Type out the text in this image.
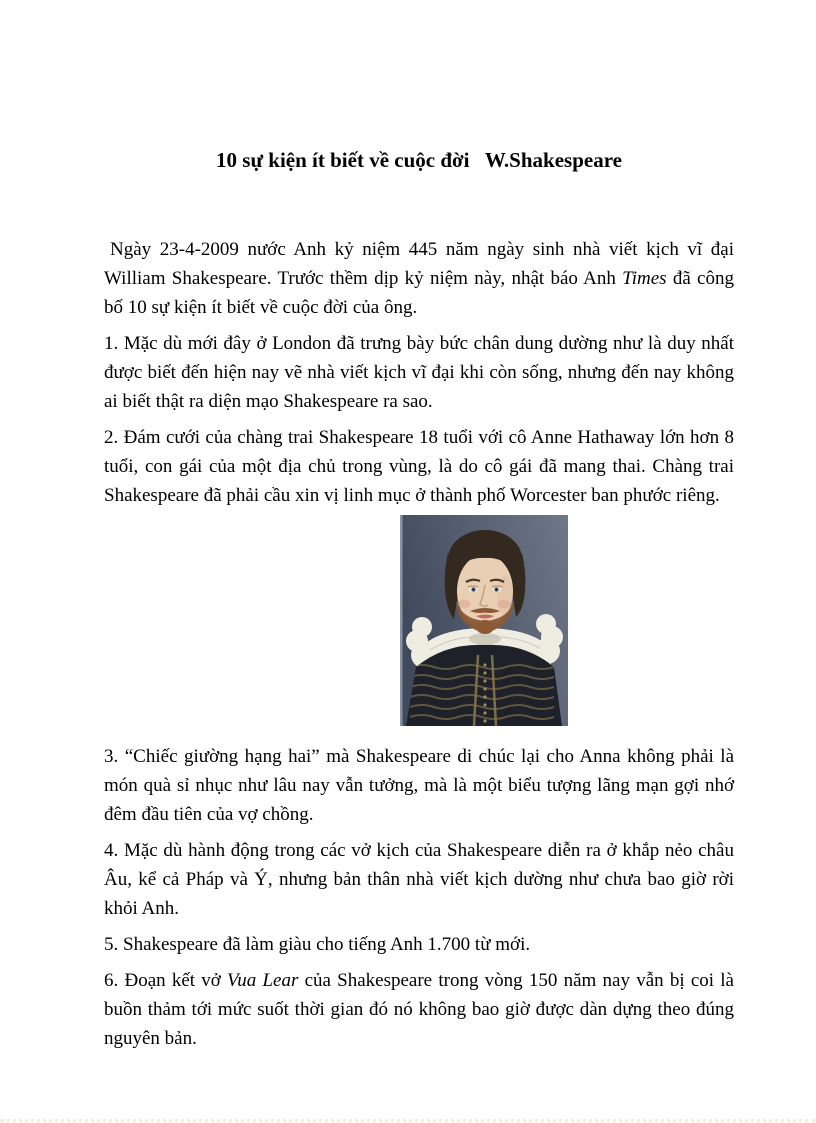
10 sự kiện ít biết về cuộc đời   W.Shakespeare

Ngày 23-4-2009 nước Anh kỷ niệm 445 năm ngày sinh nhà viết kịch vĩ đại William Shakespeare. Trước thềm dịp kỷ niệm này, nhật báo Anh Times đã công bố 10 sự kiện ít biết về cuộc đời của ông.

1. Mặc dù mới đây ở London đã trưng bày bức chân dung dường như là duy nhất được biết đến hiện nay vẽ nhà viết kịch vĩ đại khi còn sống, nhưng đến nay không ai biết thật ra diện mạo Shakespeare ra sao.

2. Đám cưới của chàng trai Shakespeare 18 tuổi với cô Anne Hathaway lớn hơn 8 tuổi, con gái của một địa chủ trong vùng, là do cô gái đã mang thai. Chàng trai Shakespeare đã phải cầu xin vị linh mục ở thành phố Worcester ban phước riêng.

3. “Chiếc giường hạng hai” mà Shakespeare di chúc lại cho Anna không phải là món quà sỉ nhục như lâu nay vẫn tưởng, mà là một biểu tượng lãng mạn gợi nhớ đêm đầu tiên của vợ chồng.

4. Mặc dù hành động trong các vở kịch của Shakespeare diễn ra ở khắp nẻo châu Âu, kể cả Pháp và Ý, nhưng bản thân nhà viết kịch dường như chưa bao giờ rời khỏi Anh.

5. Shakespeare đã làm giàu cho tiếng Anh 1.700 từ mới.

6. Đoạn kết vở Vua Lear của Shakespeare trong vòng 150 năm nay vẫn bị coi là buồn thảm tới mức suốt thời gian đó nó không bao giờ được dàn dựng theo đúng nguyên bản.
